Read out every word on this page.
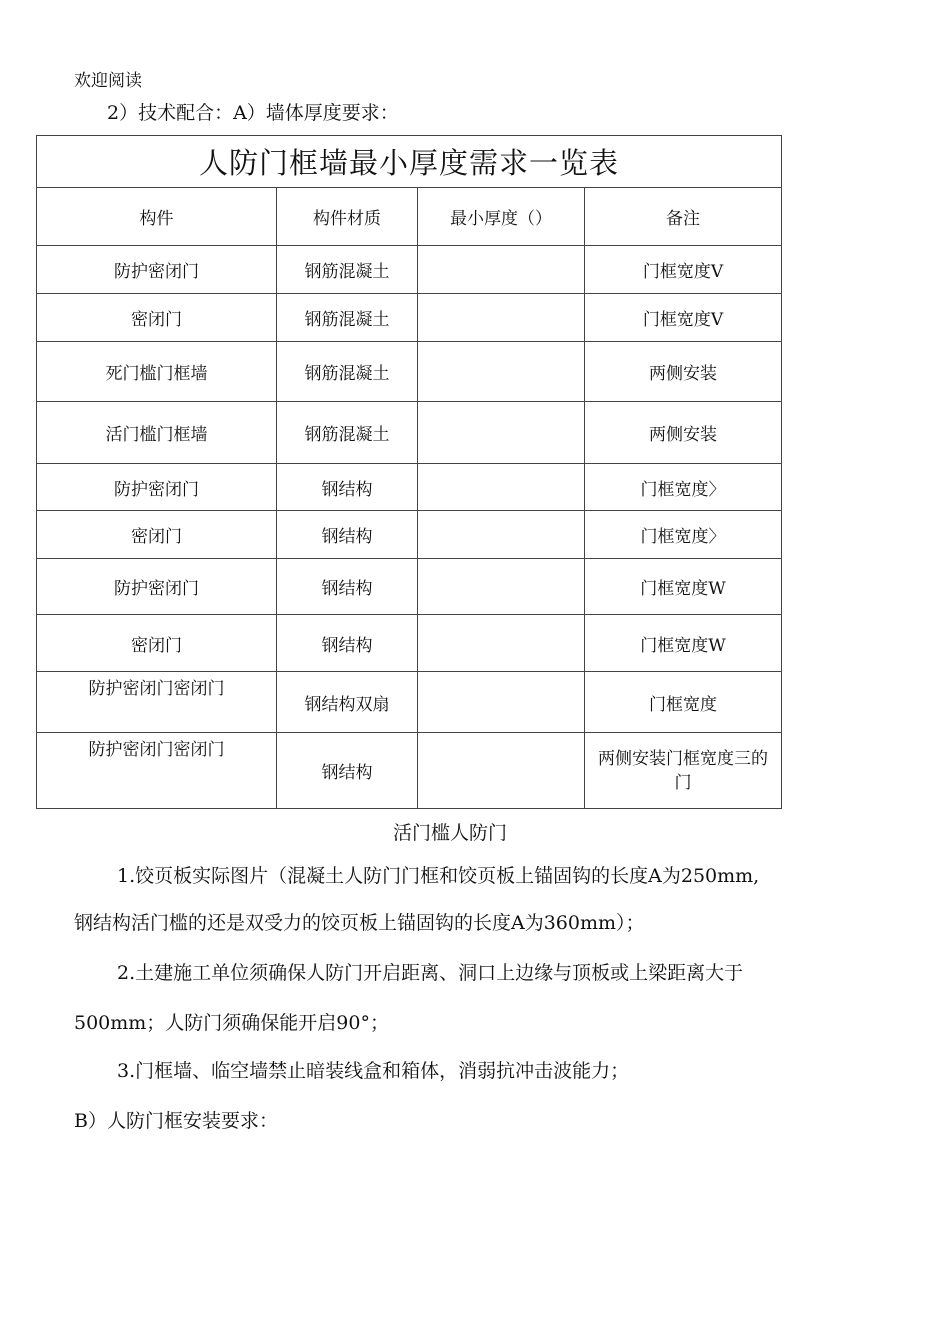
欢迎阅读
2）技术配合：A）墙体厚度要求：
人防门框墙最小厚度需求一览表			
构件	构件材质	最小厚度（）	备注
防护密闭门	钢筋混凝土		门框宽度V
密闭门	钢筋混凝土		门框宽度V
死门槛门框墙	钢筋混凝土		两侧安装
活门槛门框墙	钢筋混凝土		两侧安装
防护密闭门	钢结构		门框宽度〉
密闭门	钢结构		门框宽度〉
防护密闭门	钢结构		门框宽度W
密闭门	钢结构		门框宽度W
防护密闭门密闭门	钢结构双扇		门框宽度
防护密闭门密闭门	钢结构		两侧安装门框宽度三的门
活门槛人防门
1.饺页板实际图片（混凝土人防门门框和饺页板上锚固钩的长度A为250mm,
钢结构活门槛的还是双受力的饺页板上锚固钩的长度A为360mm）；
2.土建施工单位须确保人防门开启距离、洞口上边缘与顶板或上梁距离大于
500mm；人防门须确保能开启90°；
3.门框墙、临空墙禁止暗装线盒和箱体，消弱抗冲击波能力；
B）人防门框安装要求：
